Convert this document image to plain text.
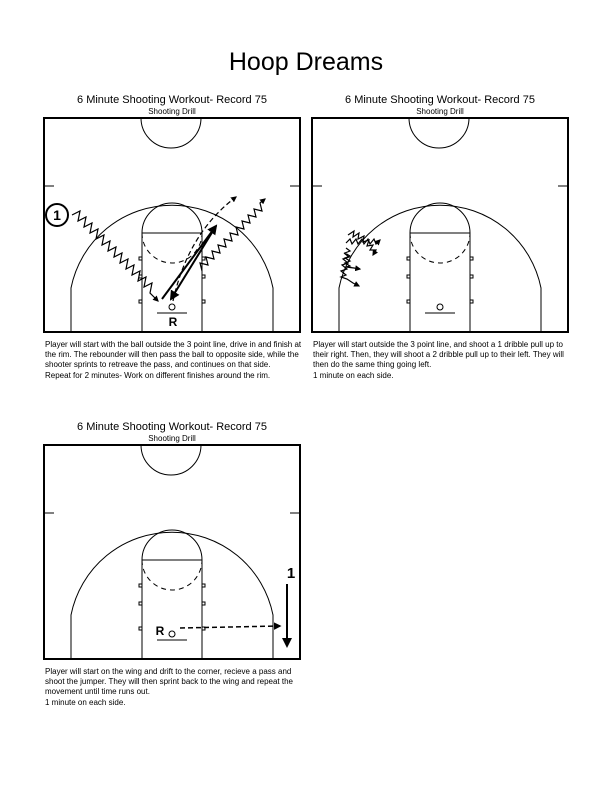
Hoop Dreams
6 Minute Shooting Workout- Record 75
Shooting Drill
1
R

Player will start with the ball outside the 3 point line, drive in and finish at the rim. The rebounder will then pass the ball to opposite side, while the shooter sprints to retreave the pass, and continues on that side.

Repeat for 2 minutes- Work on different finishes around the rim.

6 Minute Shooting Workout- Record 75
Shooting Drill

Player will start outside the 3 point line, and shoot a 1 dribble pull up to their right. Then, they will shoot a 2 dribble pull up to their left. They will then do the same thing going left.

1 minute on each side.

6 Minute Shooting Workout- Record 75
Shooting Drill
1
R

Player will start on the wing and drift to the corner, recieve a pass and shoot the jumper. They will then sprint back to the wing and repeat the movement until time runs out.

1 minute on each side.
